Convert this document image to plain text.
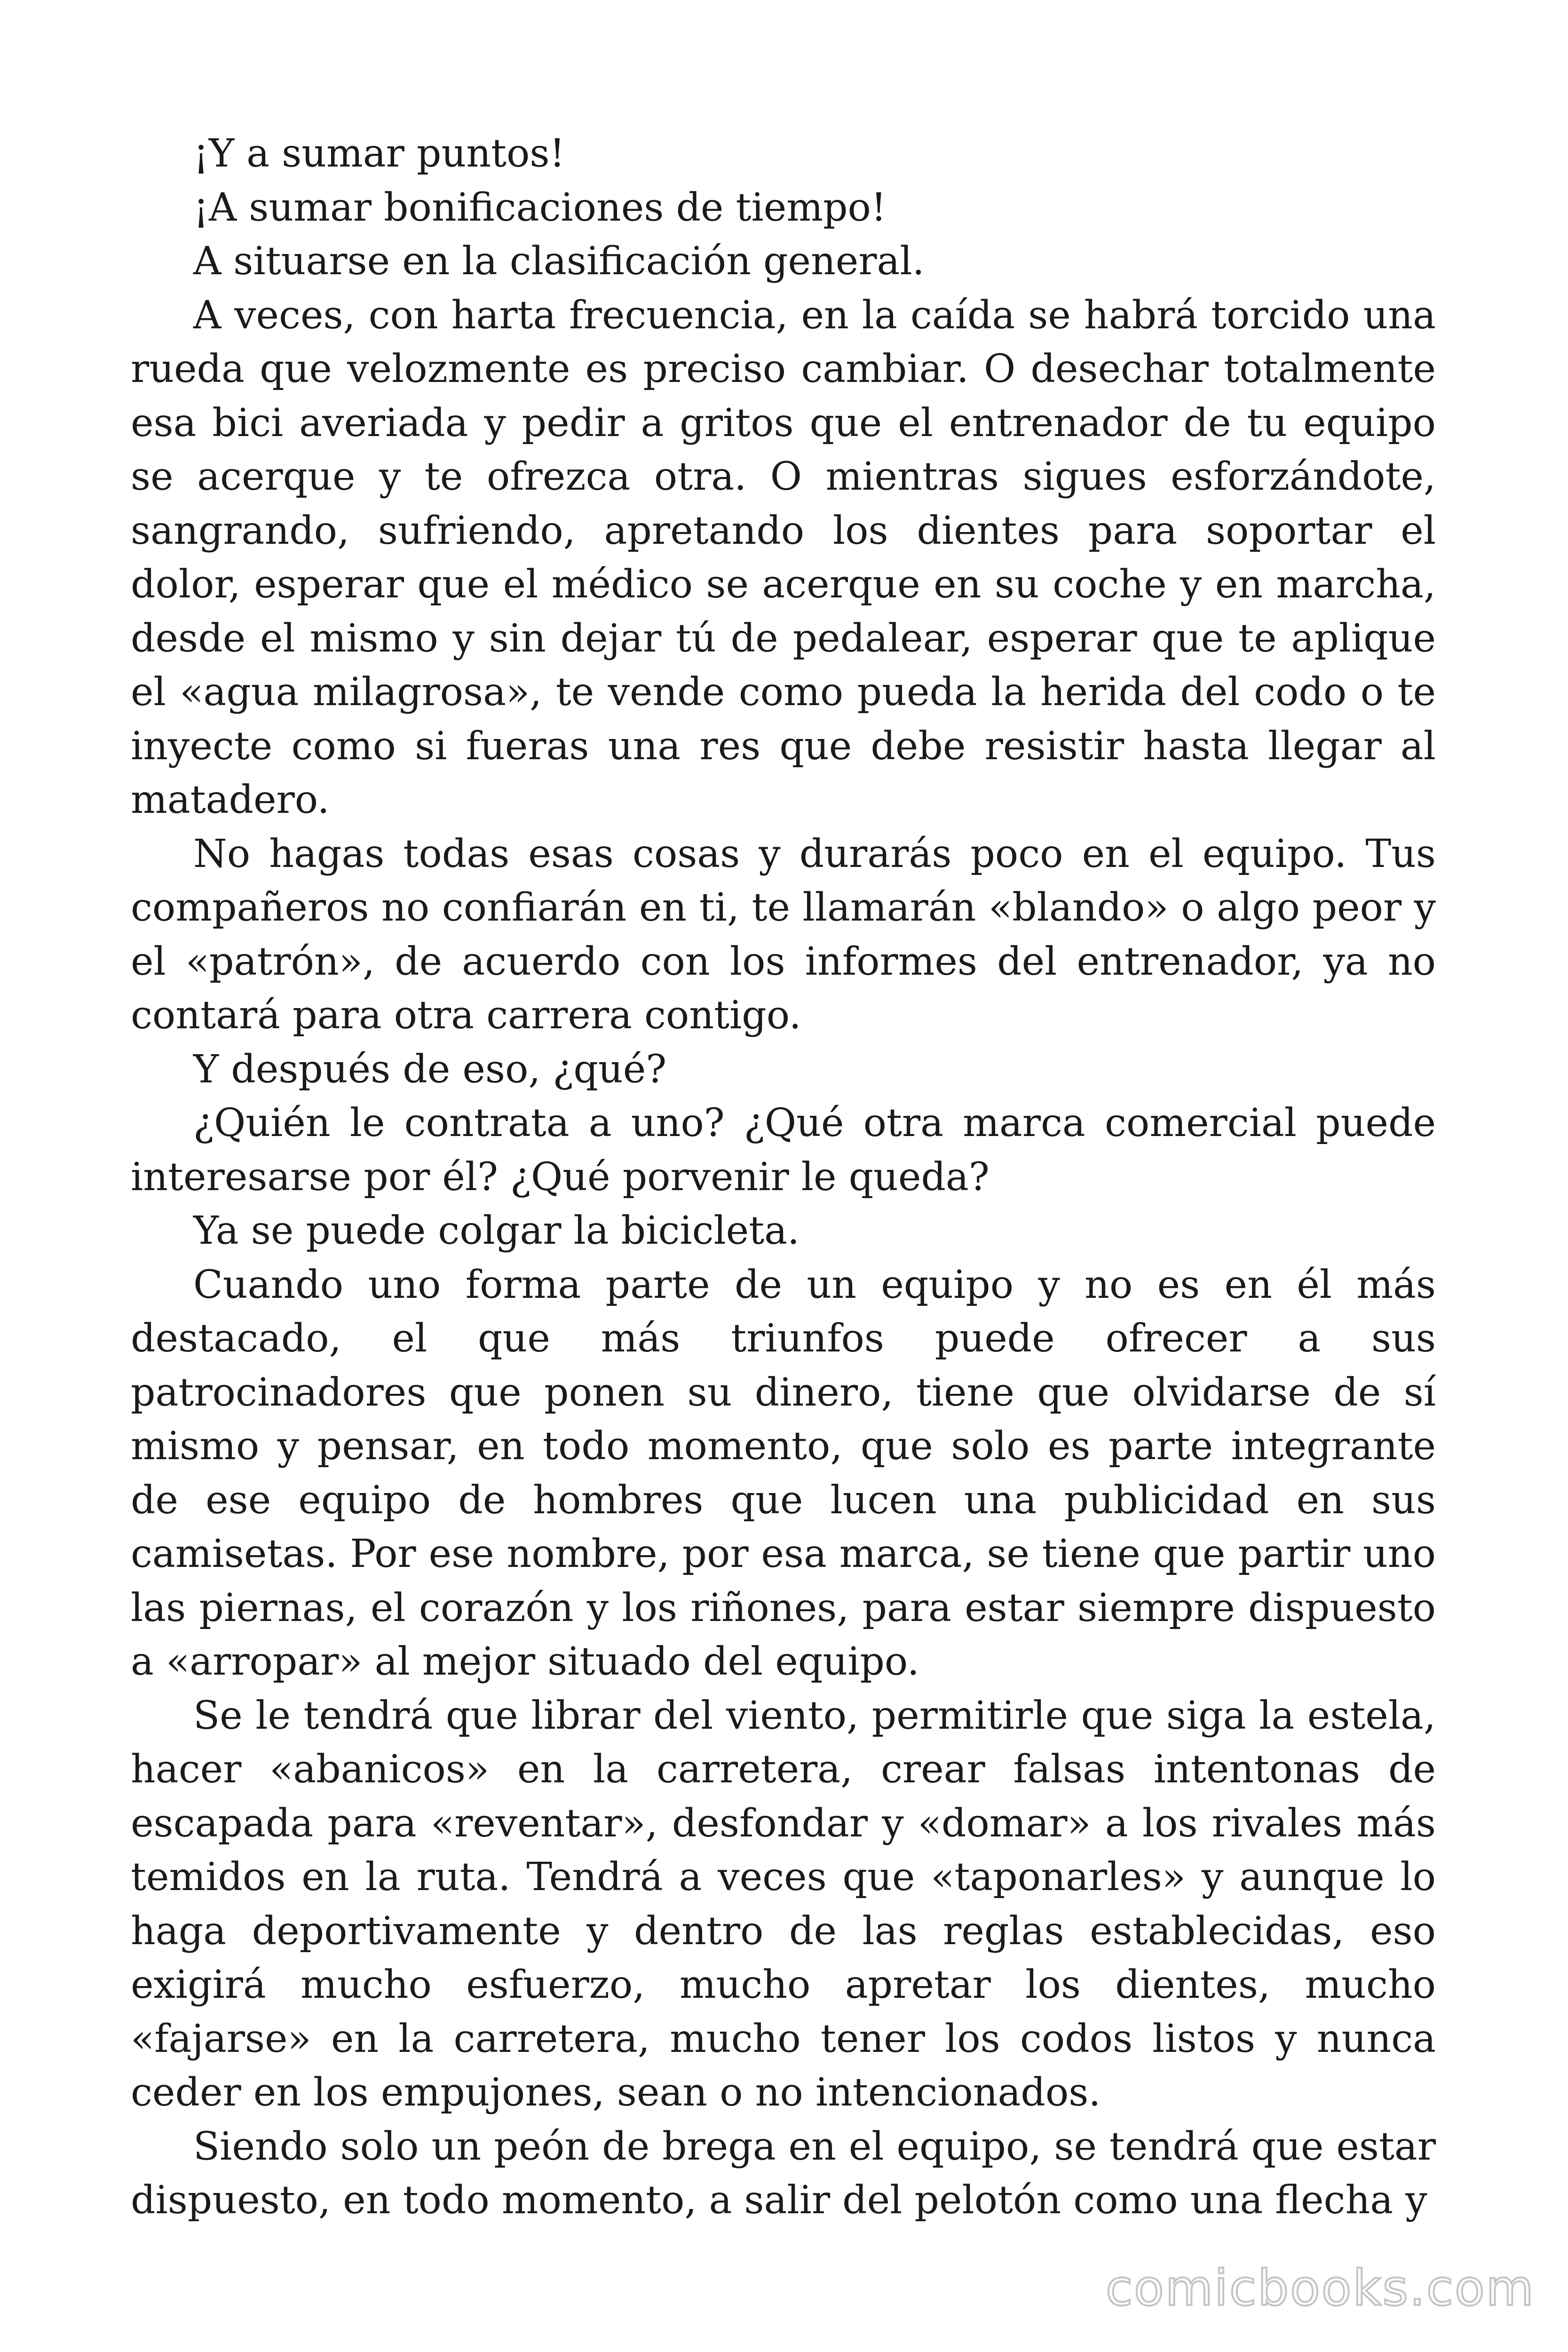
¡Y a sumar puntos!

¡A sumar bonificaciones de tiempo!

A situarse en la clasificación general.

A veces, con harta frecuencia, en la caída se habrá torcido una rueda que velozmente es preciso cambiar. O desechar totalmente esa bici averiada y pedir a gritos que el entrenador de tu equipo se acerque y te ofrezca otra. O mientras sigues esforzándote, sangrando, sufriendo, apretando los dientes para soportar el dolor, esperar que el médico se acerque en su coche y en marcha, desde el mismo y sin dejar tú de pedalear, esperar que te aplique el «agua milagrosa», te vende como pueda la herida del codo o te inyecte como si fueras una res que debe resistir hasta llegar al matadero.

No hagas todas esas cosas y durarás poco en el equipo. Tus compañeros no confiarán en ti, te llamarán «blando» o algo peor y el «patrón», de acuerdo con los informes del entrenador, ya no contará para otra carrera contigo.

Y después de eso, ¿qué?

¿Quién le contrata a uno? ¿Qué otra marca comercial puede interesarse por él? ¿Qué porvenir le queda?

Ya se puede colgar la bicicleta.

Cuando uno forma parte de un equipo y no es en él más destacado, el que más triunfos puede ofrecer a sus patrocinadores que ponen su dinero, tiene que olvidarse de sí mismo y pensar, en todo momento, que solo es parte integrante de ese equipo de hombres que lucen una publicidad en sus camisetas. Por ese nombre, por esa marca, se tiene que partir uno las piernas, el corazón y los riñones, para estar siempre dispuesto a «arropar» al mejor situado del equipo.

Se le tendrá que librar del viento, permitirle que siga la estela, hacer «abanicos» en la carretera, crear falsas intentonas de escapada para «reventar», desfondar y «domar» a los rivales más temidos en la ruta. Tendrá a veces que «taponarles» y aunque lo haga deportivamente y dentro de las reglas establecidas, eso exigirá mucho esfuerzo, mucho apretar los dientes, mucho «fajarse» en la carretera, mucho tener los codos listos y nunca ceder en los empujones, sean o no intencionados.

Siendo solo un peón de brega en el equipo, se tendrá que estar dispuesto, en todo momento, a salir del pelotón como una flecha y

comicbooks.com
